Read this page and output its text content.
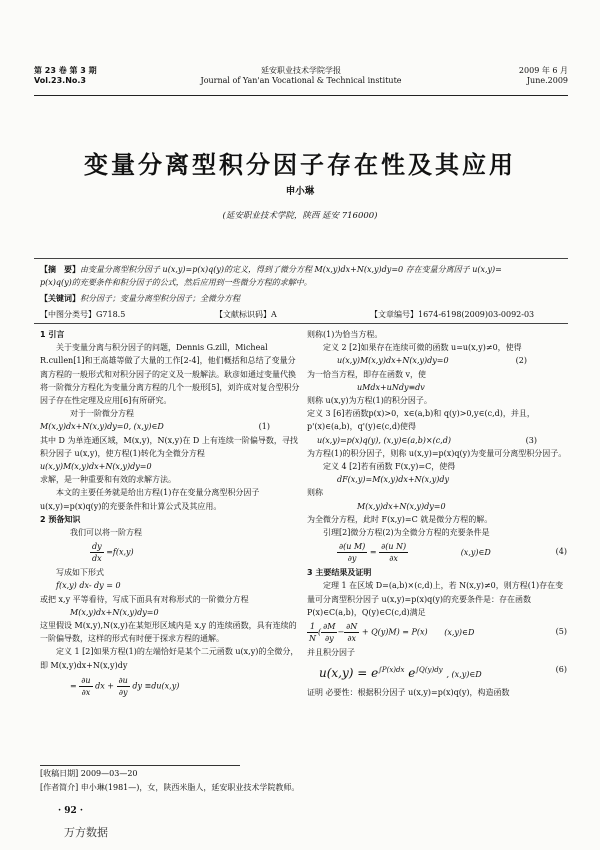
第 23 卷 第 3 期
Vol.23.No.3
延安职业技术学院学报
Journal of Yan'an Vocational & Technical institute
2009 年 6 月
June.2009
变量分离型积分因子存在性及其应用
申小琳
(延安职业技术学院，陕西 延安 716000)
【摘　要】由变量分离型积分因子 u(x,y)=p(x)q(y)的定义，得到了微分方程 M(x,y)dx+N(x,y)dy=0 存在变量分离因子 u(x,y)=
p(x)q(y)的充要条件和积分因子的公式，然后应用到一些微分方程的求解中。
【关键词】积分因子；变量分离型积分因子；全微分方程
【中图分类号】G718.5	【文献标识码】A	【文章编号】1674-6198(2009)03-0092-03

1 引言

关于变量分离与积分因子的问题，Dennis G.zill，Micheal R.cullen[1]和王高雄等做了大量的工作[2-4]，他们概括和总结了变量分离方程的一般形式和对积分因子的定义及一般解法。耿彦如通过变量代换将一阶微分方程化为变量分离方程的几个一般形[5]，刘许成对复合型积分因子存在性定理及应用[6]有所研究。

对于一阶微分方程

M(x,y)dx+N(x,y)dy=0, (x,y)∈D	(1)

其中 D 为单连通区域，M(x,y)，N(x,y)在 D 上有连续一阶偏导数，寻找积分因子 u(x,y)，使方程(1)转化为全微分方程

u(x,y)M(x,y)dx+N(x,y)dy=0

求解，是一种重要和有效的求解方法。

本文的主要任务就是给出方程(1)存在变量分离型积分因子 u(x,y)=p(x)q(y)的充要条件和计算公式及其应用。

2 预备知识

我们可以将一阶方程

$\frac{dy}{dx} =f(x,y)$

写成如下形式

f(x,y) dx- dy = 0

或把 x,y 平等看待，写成下面具有对称形式的一阶微分方程

M(x,y)dx+N(x,y)dy=0

这里假设 M(x,y),N(x,y)在某矩形区域内是 x,y 的连续函数，具有连续的一阶偏导数，这样的形式有时便于探求方程的通解。

定义 1 [2]如果方程(1)的左端恰好是某个二元函数 u(x,y)的全微分，即 M(x,y)dx+N(x,y)dy

= $\frac{\partial u}{\partial x}$ dx + $\frac{\partial u}{\partial y}$ dy ≡du(x,y)

则称(1)为恰当方程。

定义 2 [2]如果存在连续可微的函数 u=u(x,y)≠0，使得

u(x,y)M(x,y)dx+N(x,y)dy=0	(2)

为一恰当方程，即存在函数 v，使

uMdx+uNdy≡dv

则称 u(x,y)为方程(1)的积分因子。

定义 3 [6]若函数p(x)>0，x∈(a,b)和 q(y)>0,y∈(c,d)，并且，p'(x)∈(a,b)，q'(y)∈(c,d)使得

u(x,y)=p(x)q(y), (x,y)∈(a,b)×(c,d)	(3)

为方程(1)的积分因子，则称 u(x,y)=p(x)q(y)为变量可分离型积分因子。

定义 4 [2]若有函数 F(x,y)=C，使得

dF(x,y)=M(x,y)dx+N(x,y)dy

则称

M(x,y)dx+N(x,y)dy=0

为全微分方程，此时 F(x,y)=C 就是微分方程的解。

引理[2]微分方程(2)为全微分方程的充要条件是

$\frac{\text{∂(u M)}}{\partial y} = \frac{\text{∂(u N)}}{\partial x}$	(x,y)∈D	(4)

3 主要结果及证明

定理 1 在区域 D=(a,b)×(c,d)上，若 N(x,y)≠0，则方程(1)存在变量可分离型积分因子 u(x,y)=p(x)q(y)的充要条件是：存在函数 P(x)∈C(a,b)，Q(y)∈C(c,d)满足

$\frac{1}{N}$ ( $\frac{\partial M}{\partial y} - \frac{\partial N}{\partial x} + Q(y)M) = P(x)$ (x,y)∈D	(5)

并且积分因子

$u(x,y) = e^{\int P(x)dx}$ $e^{\int Q(y)dy}$ , (x,y)∈D
(6)

证明 必要性：根据积分因子 u(x,y)=p(x)q(y)，构造函数

[收稿日期] 2009—03—20
[作者简介] 申小琳(1981—)，女，陕西米脂人，延安职业技术学院教师。
· 92 ·
万方数据
